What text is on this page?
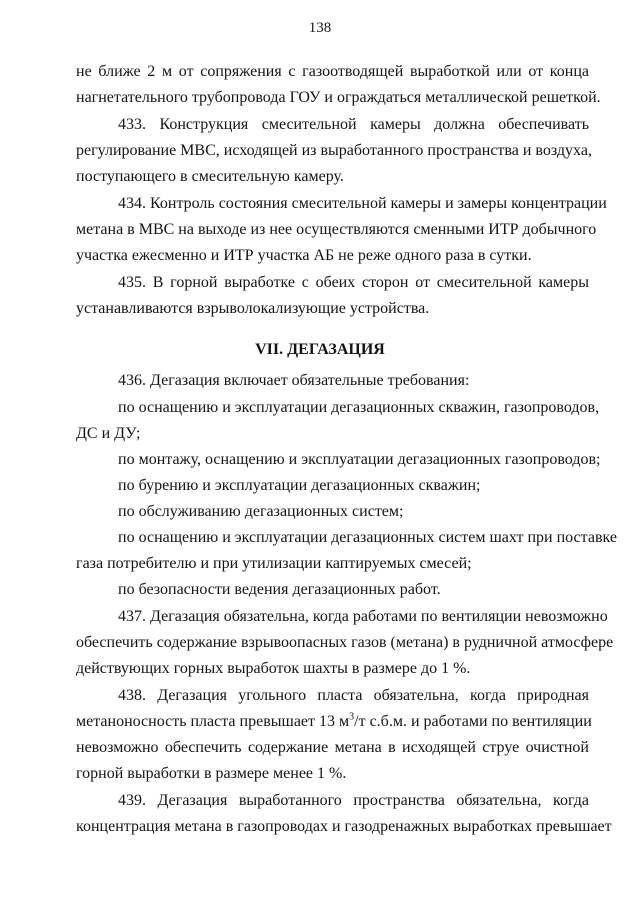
138
не ближе 2 м от сопряжения с газоотводящей выработкой или от конца
нагнетательного трубопровода ГОУ и ограждаться металлической решеткой.
433. Конструкция смесительной камеры должна обеспечивать
регулирование МВС, исходящей из выработанного пространства и воздуха,
поступающего в смесительную камеру.
434. Контроль состояния смесительной камеры и замеры концентрации
метана в МВС на выходе из нее осуществляются сменными ИТР добычного
участка ежесменно и ИТР участка АБ не реже одного раза в сутки.
435. В горной выработке с обеих сторон от смесительной камеры
устанавливаются взрыволокализующие устройства.
VII. ДЕГАЗАЦИЯ
436. Дегазация включает обязательные требования:
по оснащению и эксплуатации дегазационных скважин, газопроводов,
ДС и ДУ;
по монтажу, оснащению и эксплуатации дегазационных газопроводов;
по бурению и эксплуатации дегазационных скважин;
по обслуживанию дегазационных систем;
по оснащению и эксплуатации дегазационных систем шахт при поставке
газа потребителю и при утилизации каптируемых смесей;
по безопасности ведения дегазационных работ.
437. Дегазация обязательна, когда работами по вентиляции невозможно
обеспечить содержание взрывоопасных газов (метана) в рудничной атмосфере
действующих горных выработок шахты в размере до 1 %.
438. Дегазация угольного пласта обязательна, когда природная
метаноносность пласта превышает 13 $м^3/т$ с.б.м. и работами по вентиляции
невозможно обеспечить содержание метана в исходящей струе очистной
горной выработки в размере менее 1 %.
439. Дегазация выработанного пространства обязательна, когда
концентрация метана в газопроводах и газодренажных выработках превышает
